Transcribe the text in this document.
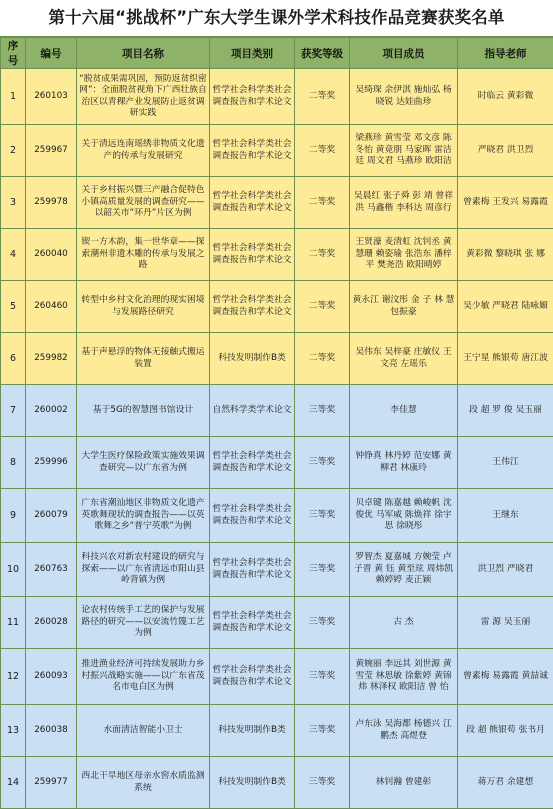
第十六届“挑战杯”广东大学生课外学术科技作品竞赛获奖名单
序号	编号	项目名称	项目类别	获奖等级	项目成员	指导老师
1	260103	“脱贫成果需巩固，预防返贫织密网”：全面脱贫视角下广西壮族自治区以青稞产业发展防止返贫调研实践	哲学社会科学类社会调查报告和学术论文	二等奖	吴绮琛 余伊淇 施灿弘 杨晓锐 达娃曲珍	时临云 黄彩微
2	259967	关于清远连南瑶绣非物质文化遗产的传承与发展研究	哲学社会科学类社会调查报告和学术论文	二等奖	梁燕珍 黄雪莹 邓文彦 陈冬怡 黄竟朋 马家晖 雷洁廷 周文君 马燕珍 欧阳洁	严晓君 洪卫烈
3	259978	关于乡村振兴暨三产融合促特色小镇高质量发展的调查研究——以韶关市“环丹”片区为例	哲学社会科学类社会调查报告和学术论文	二等奖	吴晨红 张子舜 彭 靖 曾祥洪 马鑫楷 李科达 周彦行	曾素梅 王发兴 易露霞
4	260040	锲一方木韵，集一世华章——探索潮州非遗木雕的传承与发展之路	哲学社会科学类社会调查报告和学术论文	二等奖	王贤濠 麦清虹 沈钊丞 黄慧珊 赖姿瑜 张浩东 潘梓平 樊尧浩 欧阳晴婷	黄彩微 黎晓琪 张 娜
5	260460	转型中乡村文化治理的现实困境与发展路径研究	哲学社会科学类社会调查报告和学术论文	二等奖	黄永江 谢汶彤 金 子 林 慧 包振豪	吴少敏 严晓君 陆咏媚
6	259982	基于声悬浮的物体无接触式搬运装置	科技发明制作B类	二等奖	吴伟东 吴梓豪 庄敏仪 王文亮 左瑶乐	王宁星 熊银苟 唐江波
7	260002	基于5G的智慧图书馆设计	自然科学类学术论文	三等奖	李佳慧	段 超 罗 俊 吴玉丽
8	259996	大学生医疗保险政策实施效果调查研究—以广东省为例	哲学社会科学类社会调查报告和学术论文	三等奖	钟铮真 林丹婷 范安娜 黄柳君 林康玲	王伟江
9	260079	广东省潮汕地区非物质文化遗产英歌舞现状的调查报告——以英歌舞之乡“普宁英歌”为例	哲学社会科学类社会调查报告和学术论文	三等奖	贝卓键 陈嘉越 赖峻帆 沈俊优 马军威 陈焕祥 徐宇思 徐晓彤	王继东
10	260763	科技兴农对新农村建设的研究与探索——以广东省清远市阳山县岭背镇为例	哲学社会科学类社会调查报告和学术论文	三等奖	罗智杰 夏嘉城 方婉莹 卢子晋 黄 钰 黄至玹 周炜凯 赖婷婷 麦正颖	洪卫烈 严晓君
11	260028	论农村传统手工艺的保护与发展路径的研究——以安流竹篾工艺为例	哲学社会科学类社会调查报告和学术论文	三等奖	古 杰	雷 源 吴玉丽
12	260093	推进渔业经济可持续发展助力乡村振兴战略实施——以广东省茂名市电白区为例	哲学社会科学类社会调查报告和学术论文	三等奖	黄婉丽 李远其 刘世源 黄雪莹 林思敏 徐紫婷 黄锦炜 林泽权 欧阳洁 曾 怡	曾素梅 易露霞 黄喆诚
13	260038	水面清洁智能小卫士	科技发明制作B类	三等奖	卢东泳 吴海都 杨德兴 江鹏杰 高煜登	段 超 熊银苟 张书月
14	259977	西北干旱地区母亲水窖水质监测系统	科技发明制作B类	三等奖	林钊瀚 曾建彰	蒋万君 余建想
